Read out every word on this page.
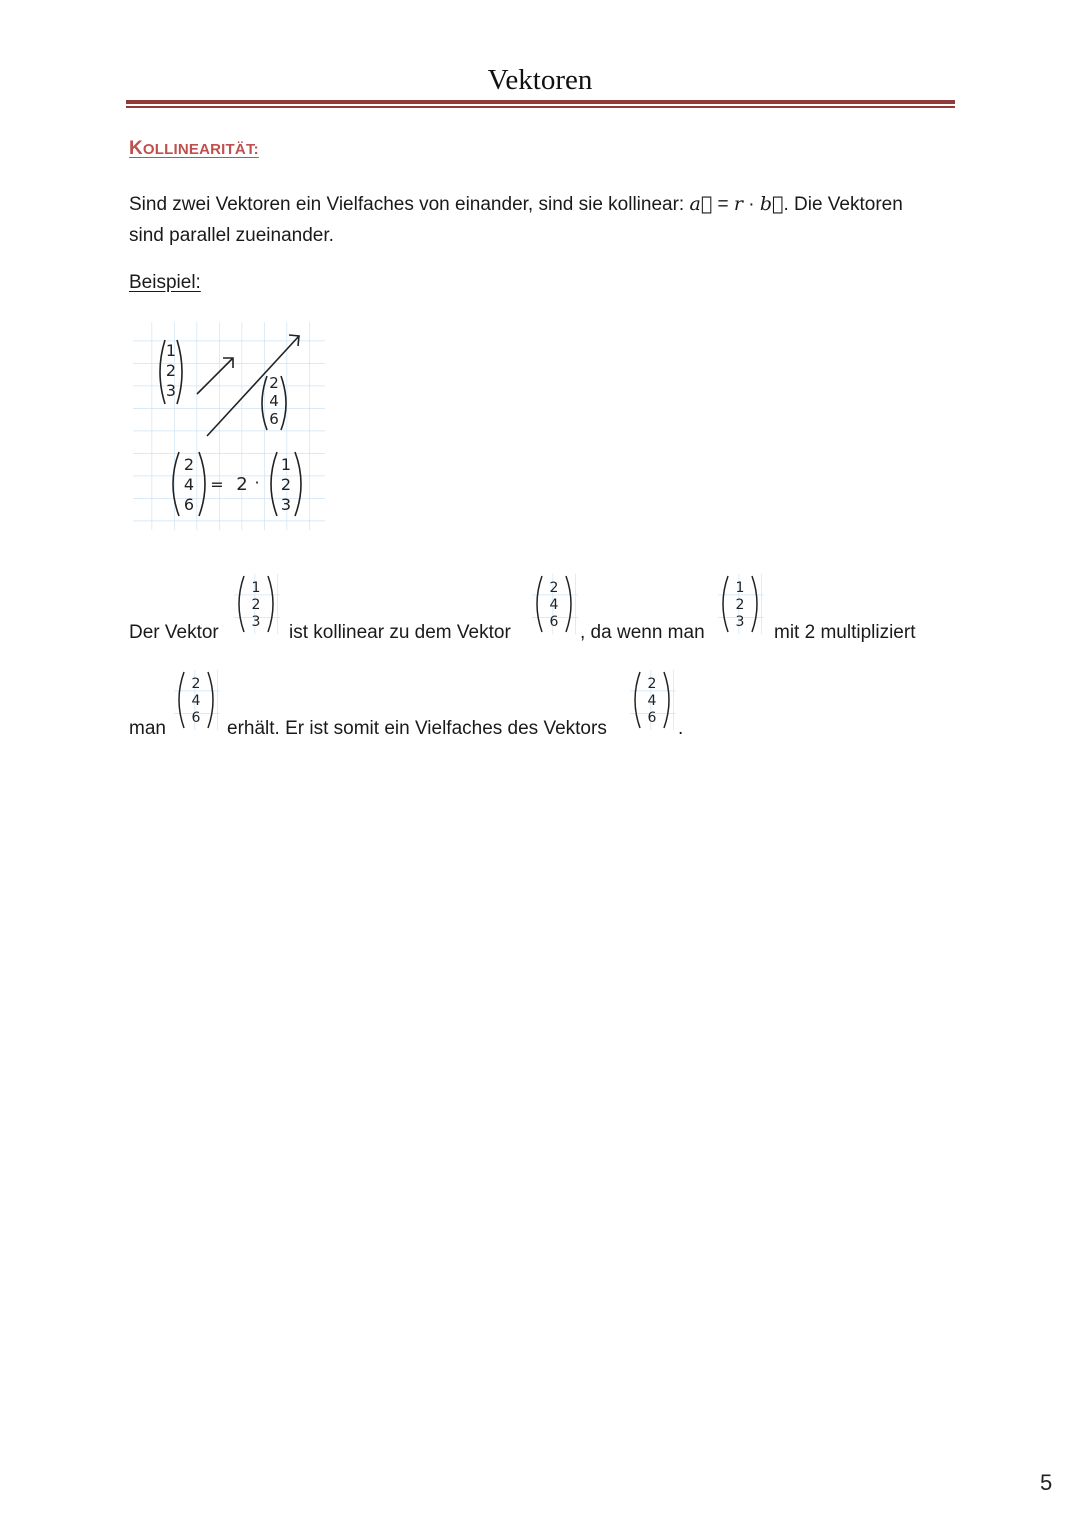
Vektoren
KOLLINEARITÄT:
Sind zwei Vektoren ein Vielfaches von einander, sind sie kollinear: a⃗ = r · b⃗. Die Vektoren
sind parallel zueinander.
Beispiel:
1
2
3	2
4
6
2
4
6
= 2 ·
1
2
3
Der Vektor
1
2
3 ist kollinear zu dem Vektor
2
4
6 , da wenn man
1
2
3 mit 2 multipliziert
man
2
4
6 erhält. Er ist somit ein Vielfaches des Vektors
2
4
6 .
5
